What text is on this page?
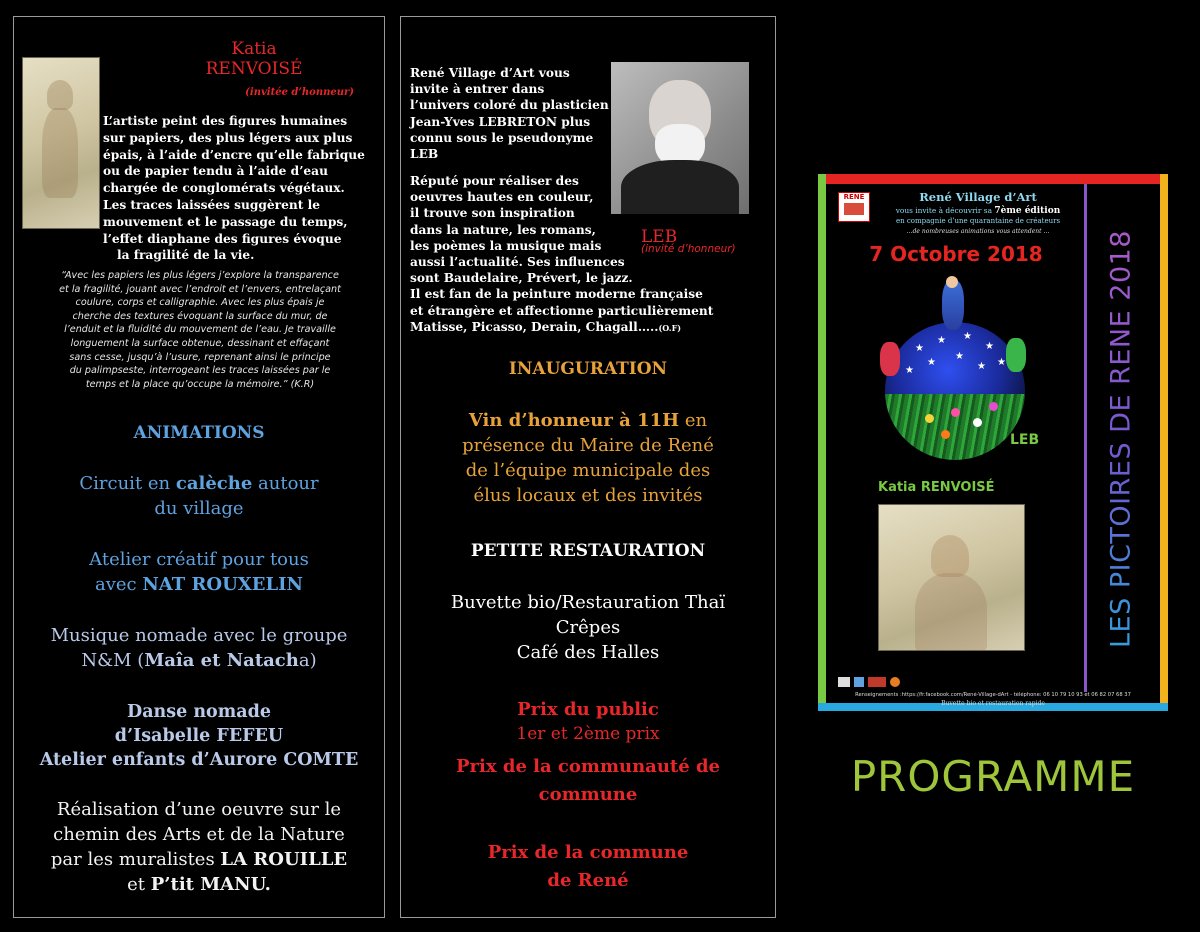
Katia
RENVOISÉ
(invitée d’honneur)
L’artiste peint des figures humaines
sur papiers, des plus légers aux plus
épais, à l’aide d’encre qu’elle fabrique
ou de papier tendu à l’aide d’eau
chargée de conglomérats végétaux.
Les traces laissées suggèrent le
mouvement et le passage du temps,
l’effet diaphane des figures évoque
la fragilité de la vie.
“Avec les papiers les plus légers j’explore la transparence
et la fragilité, jouant avec l’endroit et l’envers, entrelaçant
coulure, corps et calligraphie. Avec les plus épais je
cherche des textures évoquant la surface du mur, de
l’enduit et la fluidité du mouvement de l’eau. Je travaille
longuement la surface obtenue, dessinant et effaçant
sans cesse, jusqu’à l’usure, reprenant ainsi le principe
du palimpseste, interrogeant les traces laissées par le
temps et la place qu’occupe la mémoire.” (K.R)
ANIMATIONS
Circuit en calèche autour
du village
Atelier créatif pour tous
avec NAT ROUXELIN
Musique nomade avec le groupe
N&M (Maîa et Natacha)
Danse nomade
d’Isabelle FEFEU
Atelier enfants d’Aurore COMTE
Réalisation d’une oeuvre sur le
chemin des Arts et de la Nature
par les muralistes LA ROUILLE
et P’tit MANU.
René Village d’Art vous
invite à entrer dans
l’univers coloré du plasticien
Jean-Yves LEBRETON plus
connu sous le pseudonyme
LEB
Réputé pour réaliser des
oeuvres hautes en couleur,
il trouve son inspiration
dans la nature, les romans,
les poèmes la musique mais
aussi l’actualité. Ses influences
sont Baudelaire, Prévert, le jazz.
Il est fan de la peinture moderne française
et étrangère et affectionne particulièrement
Matisse, Picasso, Derain, Chagall…..(O.F)
LEB
(invité d’honneur)
INAUGURATION
Vin d’honneur à 11H en
présence du Maire de René
de l’équipe municipale des
élus locaux et des invités
PETITE RESTAURATION
Buvette bio/Restauration Thaï
Crêpes
Café des Halles
Prix du public
1er et 2ème prix
Prix de la communauté de
commune
Prix de la commune
de René
RENÉ	René Village d’Art
vous invite à découvrir sa 7ème édition
en compagnie d’une quarantaine de créateurs
…de nombreuses animations vous attendent …
7 Octobre 2018
★
★ ★
★
★
★
★
★
★
LEB
Katia RENVOISÉ
Renseignements :https://fr.facebook.com/René-Village-dArt - téléphone: 06 10 79 10 93 et 06 82 07 68 37
Buvette bio et restauration rapide
LES PICTOIRES DE RENE 2018
PROGRAMME
